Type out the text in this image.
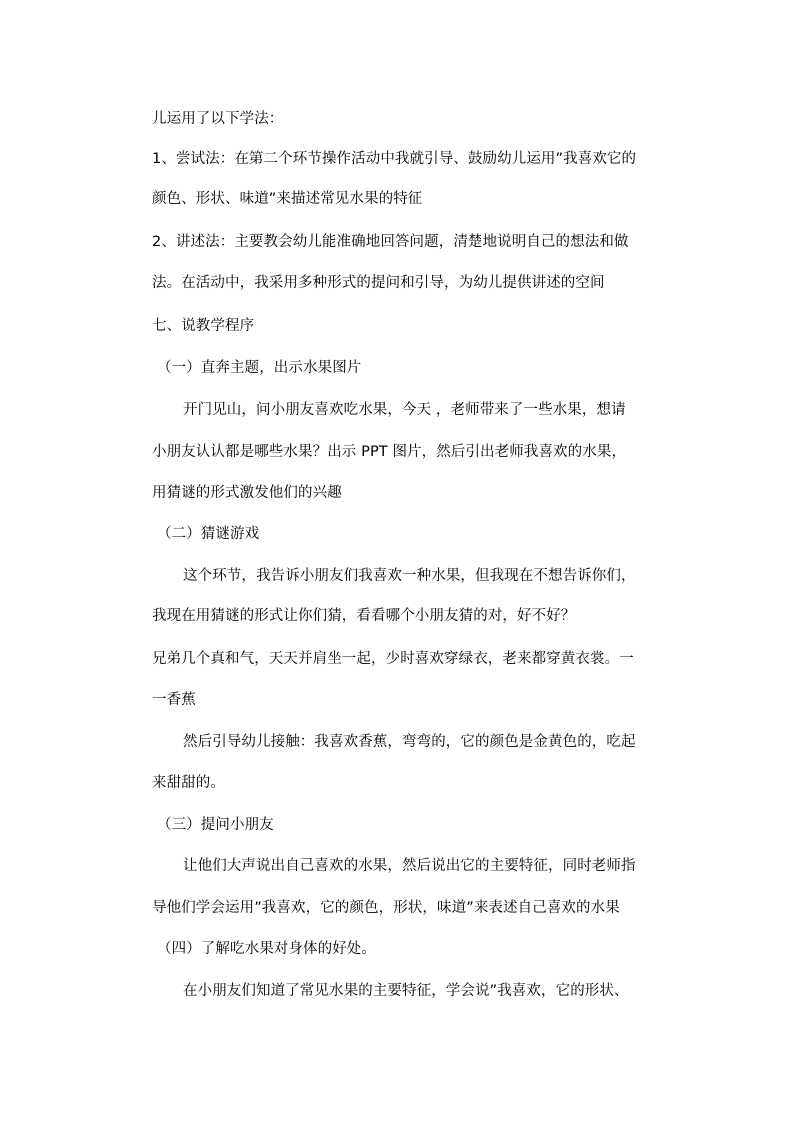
儿运用了以下学法：
1、尝试法：在第二个环节操作活动中我就引导、鼓励幼儿运用”我喜欢它的
颜色、形状、味道”来描述常见水果的特征
2、讲述法：主要教会幼儿能准确地回答问题，清楚地说明自己的想法和做
法。在活动中，我采用多种形式的提问和引导，为幼儿提供讲述的空间
七、说教学程序
（一）直奔主题，出示水果图片
开门见山，问小朋友喜欢吃水果，今天 ，老师带来了一些水果，想请
小朋友认认都是哪些水果？出示 PPT 图片，然后引出老师我喜欢的水果，
用猜谜的形式激发他们的兴趣
（二）猜谜游戏
这个环节，我告诉小朋友们我喜欢一种水果，但我现在不想告诉你们，
我现在用猜谜的形式让你们猜，看看哪个小朋友猜的对，好不好？
兄弟几个真和气，天天并肩坐一起，少时喜欢穿绿衣，老来都穿黄衣裳。一
一香蕉
然后引导幼儿接触：我喜欢香蕉，弯弯的，它的颜色是金黄色的，吃起
来甜甜的。
（三）提问小朋友
让他们大声说出自己喜欢的水果，然后说出它的主要特征，同时老师指
导他们学会运用”我喜欢，它的颜色，形状，味道”来表述自己喜欢的水果
（四）了解吃水果对身体的好处。
在小朋友们知道了常见水果的主要特征，学会说”我喜欢，它的形状、
